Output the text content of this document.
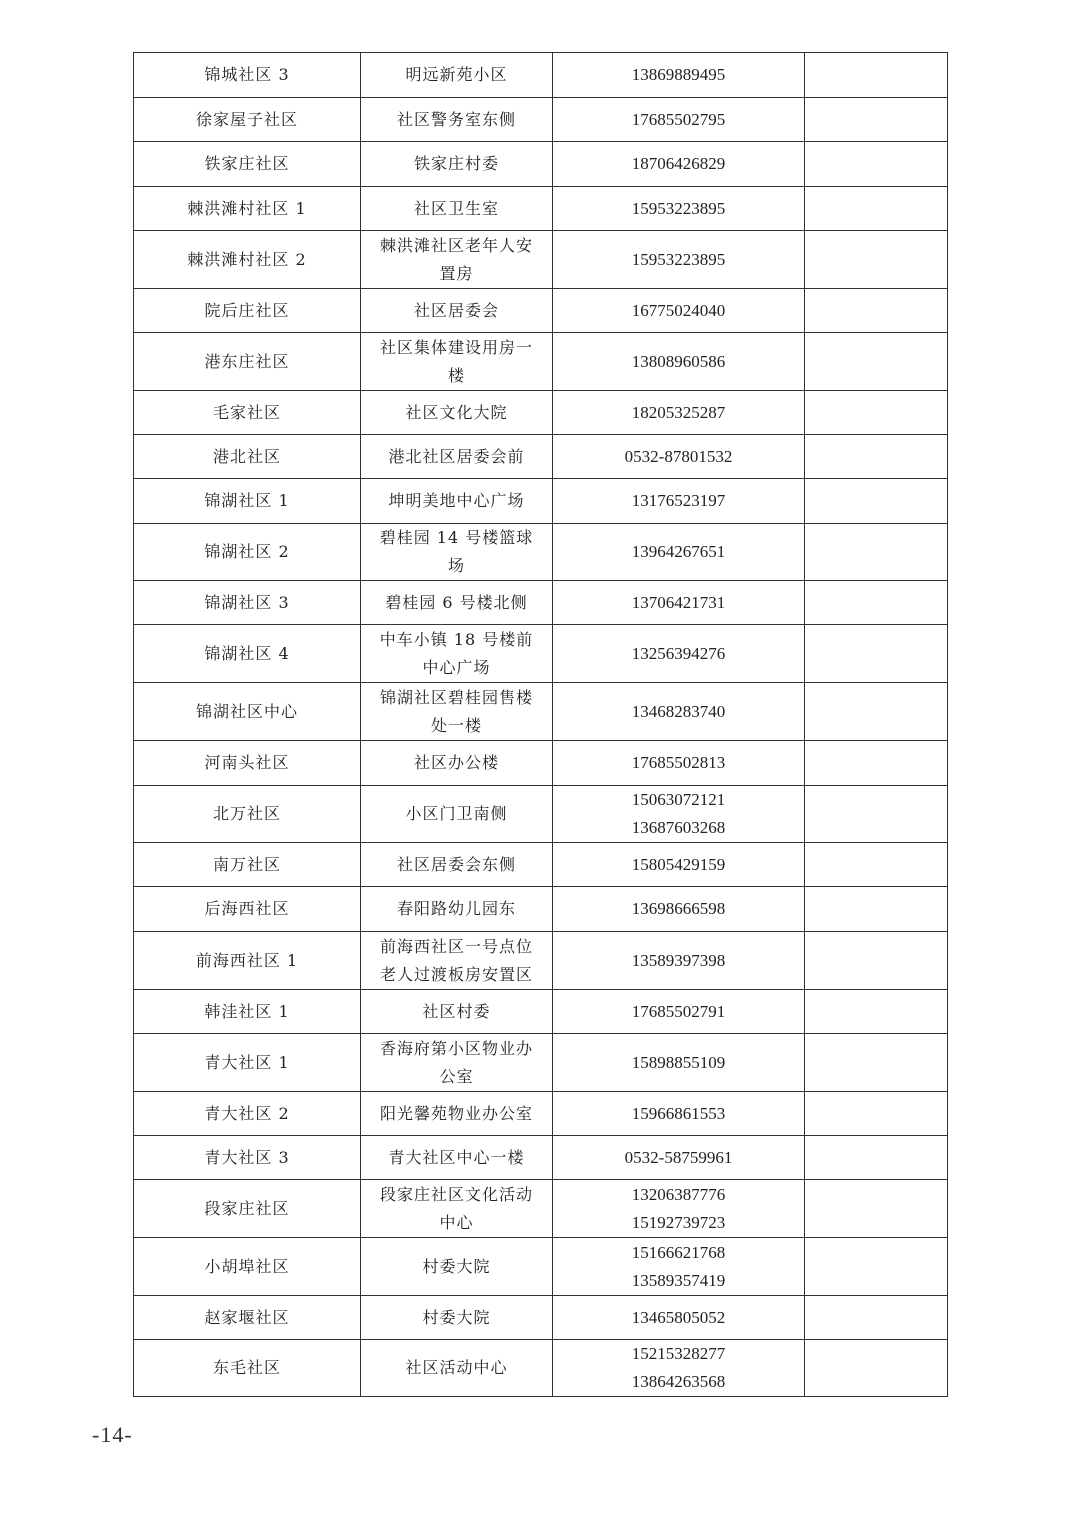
锦城社区 3	明远新苑小区	13869889495	

徐家屋子社区	社区警务室东侧	17685502795	

铁家庄社区	铁家庄村委	18706426829	

棘洪滩村社区 1	社区卫生室	15953223895	

棘洪滩村社区 2	棘洪滩社区老年人安置房	15953223895	

院后庄社区	社区居委会	16775024040	

港东庄社区	社区集体建设用房一楼	13808960586	

毛家社区	社区文化大院	18205325287	

港北社区	港北社区居委会前	0532-87801532	

锦湖社区 1	坤明美地中心广场	13176523197	

锦湖社区 2	碧桂园 14 号楼篮球场	13964267651	

锦湖社区 3	碧桂园 6 号楼北侧	13706421731	

锦湖社区 4	中车小镇 18 号楼前中心广场	13256394276	

锦湖社区中心	锦湖社区碧桂园售楼处一楼	13468283740	

河南头社区	社区办公楼	17685502813	

北万社区	小区门卫南侧	15063072121
13687603268	

南万社区	社区居委会东侧	15805429159	

后海西社区	春阳路幼儿园东	13698666598	

前海西社区 1	前海西社区一号点位老人过渡板房安置区	13589397398	

韩洼社区 1	社区村委	17685502791	

青大社区 1	香海府第小区物业办公室	15898855109	

青大社区 2	阳光馨苑物业办公室	15966861553	

青大社区 3	青大社区中心一楼	0532-58759961	

段家庄社区	段家庄社区文化活动中心	13206387776
15192739723	

小胡埠社区	村委大院	15166621768
13589357419	

赵家堰社区	村委大院	13465805052	

东毛社区	社区活动中心	15215328277
13864263568	

-14-
